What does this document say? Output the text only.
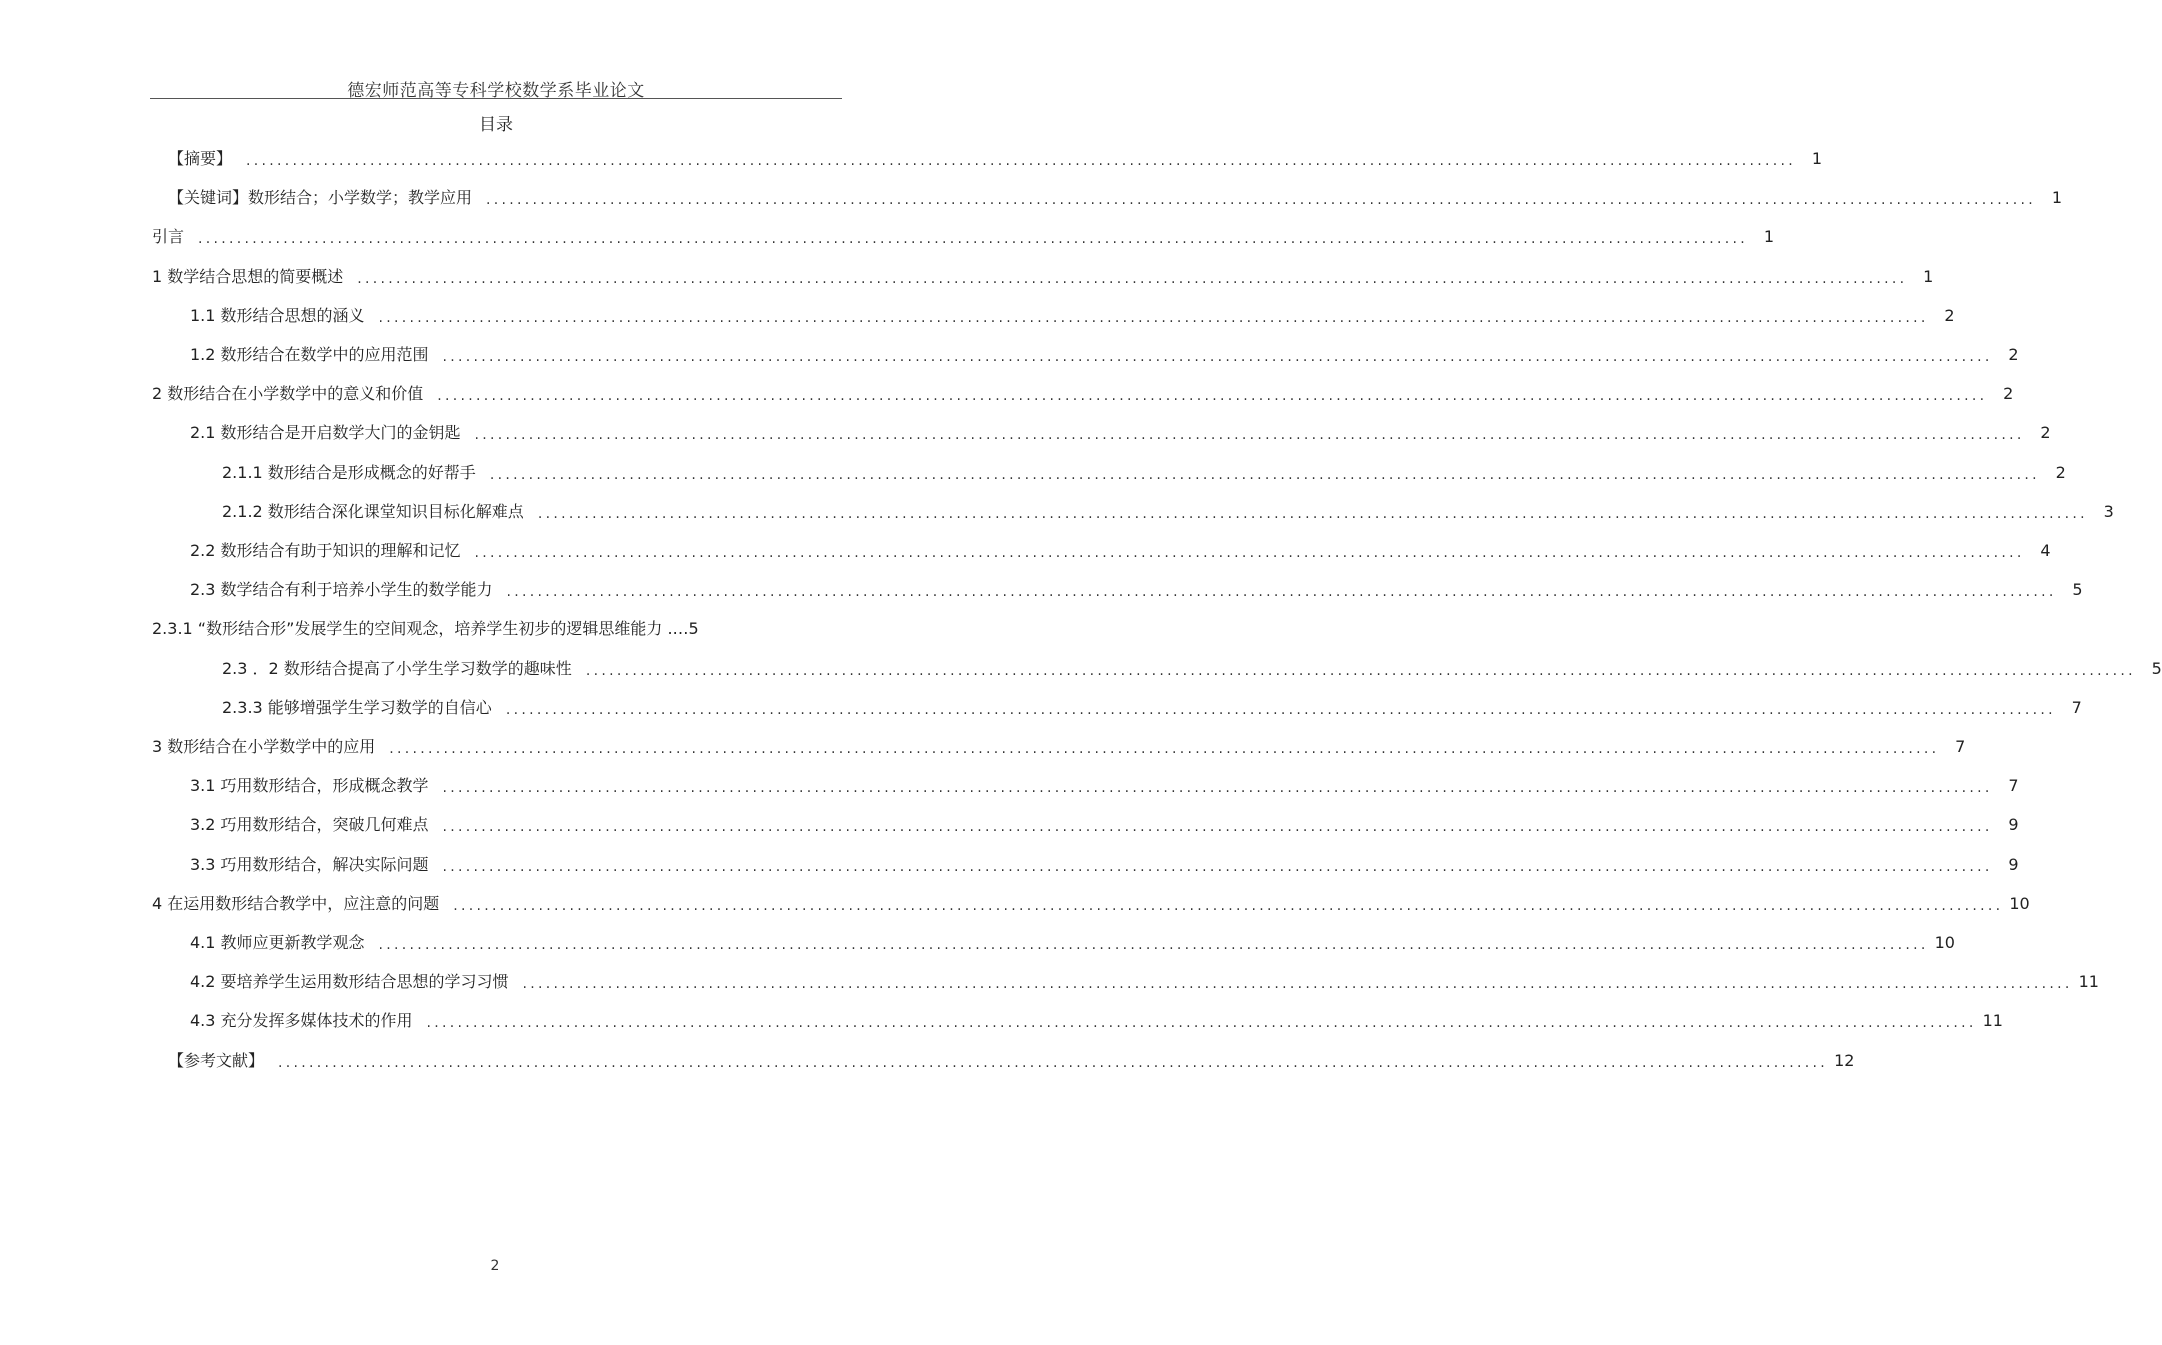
德宏师范高等专科学校数学系毕业论文
目录
【摘要】 ........................................................................................................................................................................................................ 1
【关键词】数形结合；小学数学；教学应用 ........................................................................................................................................................................................................ 1
引言 ........................................................................................................................................................................................................ 1
1 数学结合思想的简要概述 ........................................................................................................................................................................................................ 1
1.1 数形结合思想的涵义 ........................................................................................................................................................................................................ 2
1.2 数形结合在数学中的应用范围 ........................................................................................................................................................................................................ 2
2 数形结合在小学数学中的意义和价值 ........................................................................................................................................................................................................ 2
2.1 数形结合是开启数学大门的金钥匙 ........................................................................................................................................................................................................ 2
2.1.1 数形结合是形成概念的好帮手 ........................................................................................................................................................................................................ 2
2.1.2 数形结合深化课堂知识目标化解难点 ........................................................................................................................................................................................................ 3
2.2 数形结合有助于知识的理解和记忆 ........................................................................................................................................................................................................ 4
2.3 数学结合有利于培养小学生的数学能力 ........................................................................................................................................................................................................ 5
2.3.1 “数形结合形”发展学生的空间观念，培养学生初步的逻辑思维能力 .…5
2.3 ．2 数形结合提高了小学生学习数学的趣味性 ........................................................................................................................................................................................................ 5
2.3.3 能够增强学生学习数学的自信心 ........................................................................................................................................................................................................ 7
3 数形结合在小学数学中的应用 ........................................................................................................................................................................................................ 7
3.1 巧用数形结合，形成概念教学 ........................................................................................................................................................................................................ 7
3.2 巧用数形结合，突破几何难点 ........................................................................................................................................................................................................ 9
3.3 巧用数形结合，解决实际问题 ........................................................................................................................................................................................................ 9
4 在运用数形结合教学中，应注意的问题 ........................................................................................................................................................................................................ 10
4.1 教师应更新教学观念 ........................................................................................................................................................................................................ 10
4.2 要培养学生运用数形结合思想的学习习惯 ........................................................................................................................................................................................................ 11
4.3 充分发挥多媒体技术的作用 ........................................................................................................................................................................................................ 11
【参考文献】 ........................................................................................................................................................................................................ 12
2
